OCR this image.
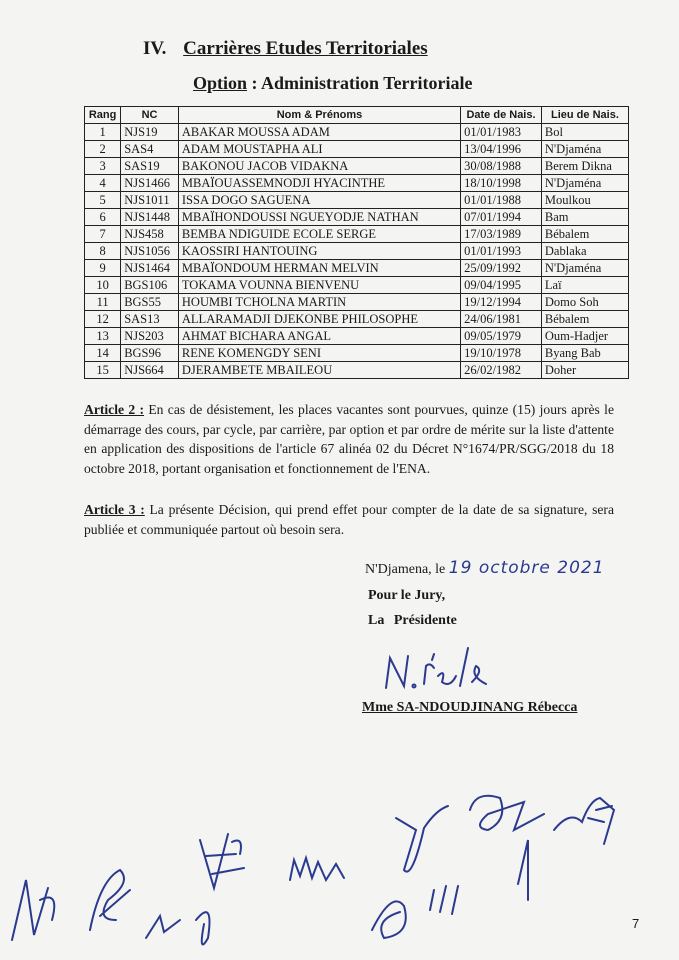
IV. Carrières Etudes Territoriales
Option : Administration Territoriale
Rang	NC	Nom & Prénoms	Date de Nais.	Lieu de Nais.
1	NJS19	ABAKAR MOUSSA ADAM	01/01/1983	Bol
2	SAS4	ADAM MOUSTAPHA ALI	13/04/1996	N'Djaména
3	SAS19	BAKONOU JACOB VIDAKNA	30/08/1988	Berem Dikna
4	NJS1466	MBAÏOUASSEMNODJI HYACINTHE	18/10/1998	N'Djaména
5	NJS1011	ISSA DOGO SAGUENA	01/01/1988	Moulkou
6	NJS1448	MBAÏHONDOUSSI NGUEYODJE NATHAN	07/01/1994	Bam
7	NJS458	BEMBA NDIGUIDE ECOLE SERGE	17/03/1989	Bébalem
8	NJS1056	KAOSSIRI HANTOUING	01/01/1993	Dablaka
9	NJS1464	MBAÏONDOUM HERMAN MELVIN	25/09/1992	N'Djaména
10	BGS106	TOKAMA VOUNNA BIENVENU	09/04/1995	Laï
11	BGS55	HOUMBI TCHOLNA MARTIN	19/12/1994	Domo Soh
12	SAS13	ALLARAMADJI DJEKONBE PHILOSOPHE	24/06/1981	Bébalem
13	NJS203	AHMAT BICHARA ANGAL	09/05/1979	Oum-Hadjer
14	BGS96	RENE KOMENGDY SENI	19/10/1978	Byang Bab
15	NJS664	DJERAMBETE MBAILEOU	26/02/1982	Doher
Article 2 : En cas de désistement, les places vacantes sont pourvues, quinze (15) jours après le démarrage des cours, par cycle, par carrière, par option et par ordre de mérite sur la liste d'attente en application des dispositions de l'article 67 alinéa 02 du Décret N°1674/PR/SGG/2018 du 18 octobre 2018, portant organisation et fonctionnement de l'ENA.
Article 3 : La présente Décision, qui prend effet pour compter de la date de sa signature, sera publiée et communiquée partout où besoin sera.
N'Djamena, le 19 octobre 2021
Pour le Jury,
La Présidente
Mme SA-NDOUDJINANG Rébecca
7
